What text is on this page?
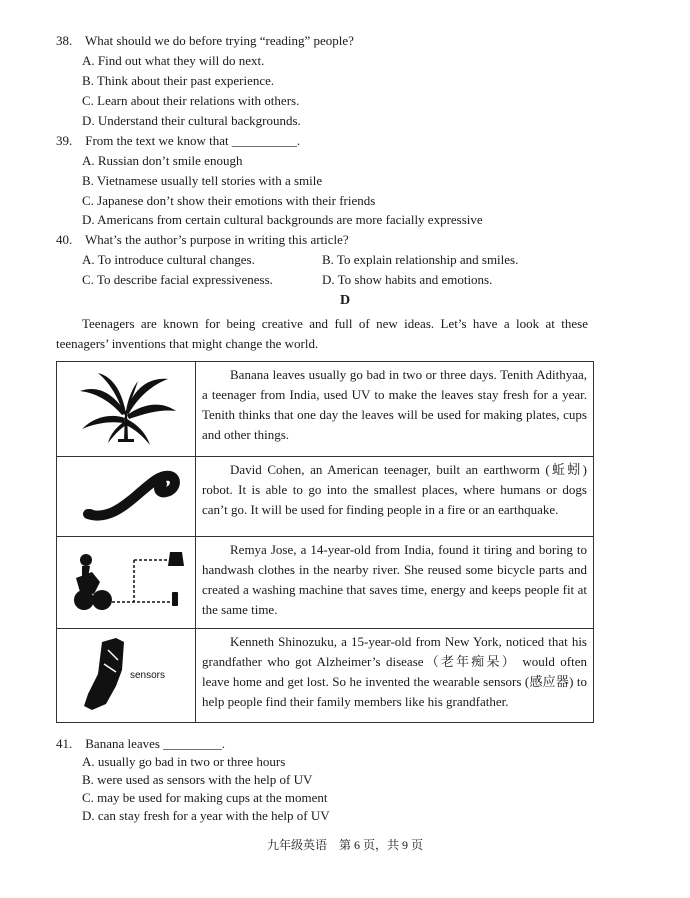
38. What should we do before trying “reading” people?
A. Find out what they will do next.
B. Think about their past experience.
C. Learn about their relations with others.
D. Understand their cultural backgrounds.
39. From the text we know that __________.
A. Russian don’t smile enough
B. Vietnamese usually tell stories with a smile
C. Japanese don’t show their emotions with their friends
D. Americans from certain cultural backgrounds are more facially expressive
40. What’s the author’s purpose in writing this article?
A. To introduce cultural changes.	B. To explain relationship and smiles.
C. To describe facial expressiveness.	D. To show habits and emotions.
D
Teenagers are known for being creative and full of new ideas. Let’s have a look at these teenagers’ inventions that might change the world.
	Banana leaves usually go bad in two or three days. Tenith Adithyaa, a teenager from India, used UV to make the leaves stay fresh for a year. Tenith thinks that one day the leaves will be used for making plates, cups and other things.

	David Cohen, an American teenager, built an earthworm (蚯蚓) robot. It is able to go into the smallest places, where humans or dogs can’t go. It will be used for finding people in a fire or an earthquake.

	Remya Jose, a 14-year-old from India, found it tiring and boring to handwash clothes in the nearby river. She reused some bicycle parts and created a washing machine that saves time, energy and keeps people fit at the same time.

sensors	Kenneth Shinozuku, a 15-year-old from New York, noticed that his grandfather who got Alzheimer’s disease（老年痴呆） would often leave home and get lost. So he invented the wearable sensors (感应器) to help people find their family members like his grandfather.
41. Banana leaves _________.
A. usually go bad in two or three hours
B. were used as sensors with the help of UV
C. may be used for making cups at the moment
D. can stay fresh for a year with the help of UV
九年级英语　第 6 页，共 9 页
